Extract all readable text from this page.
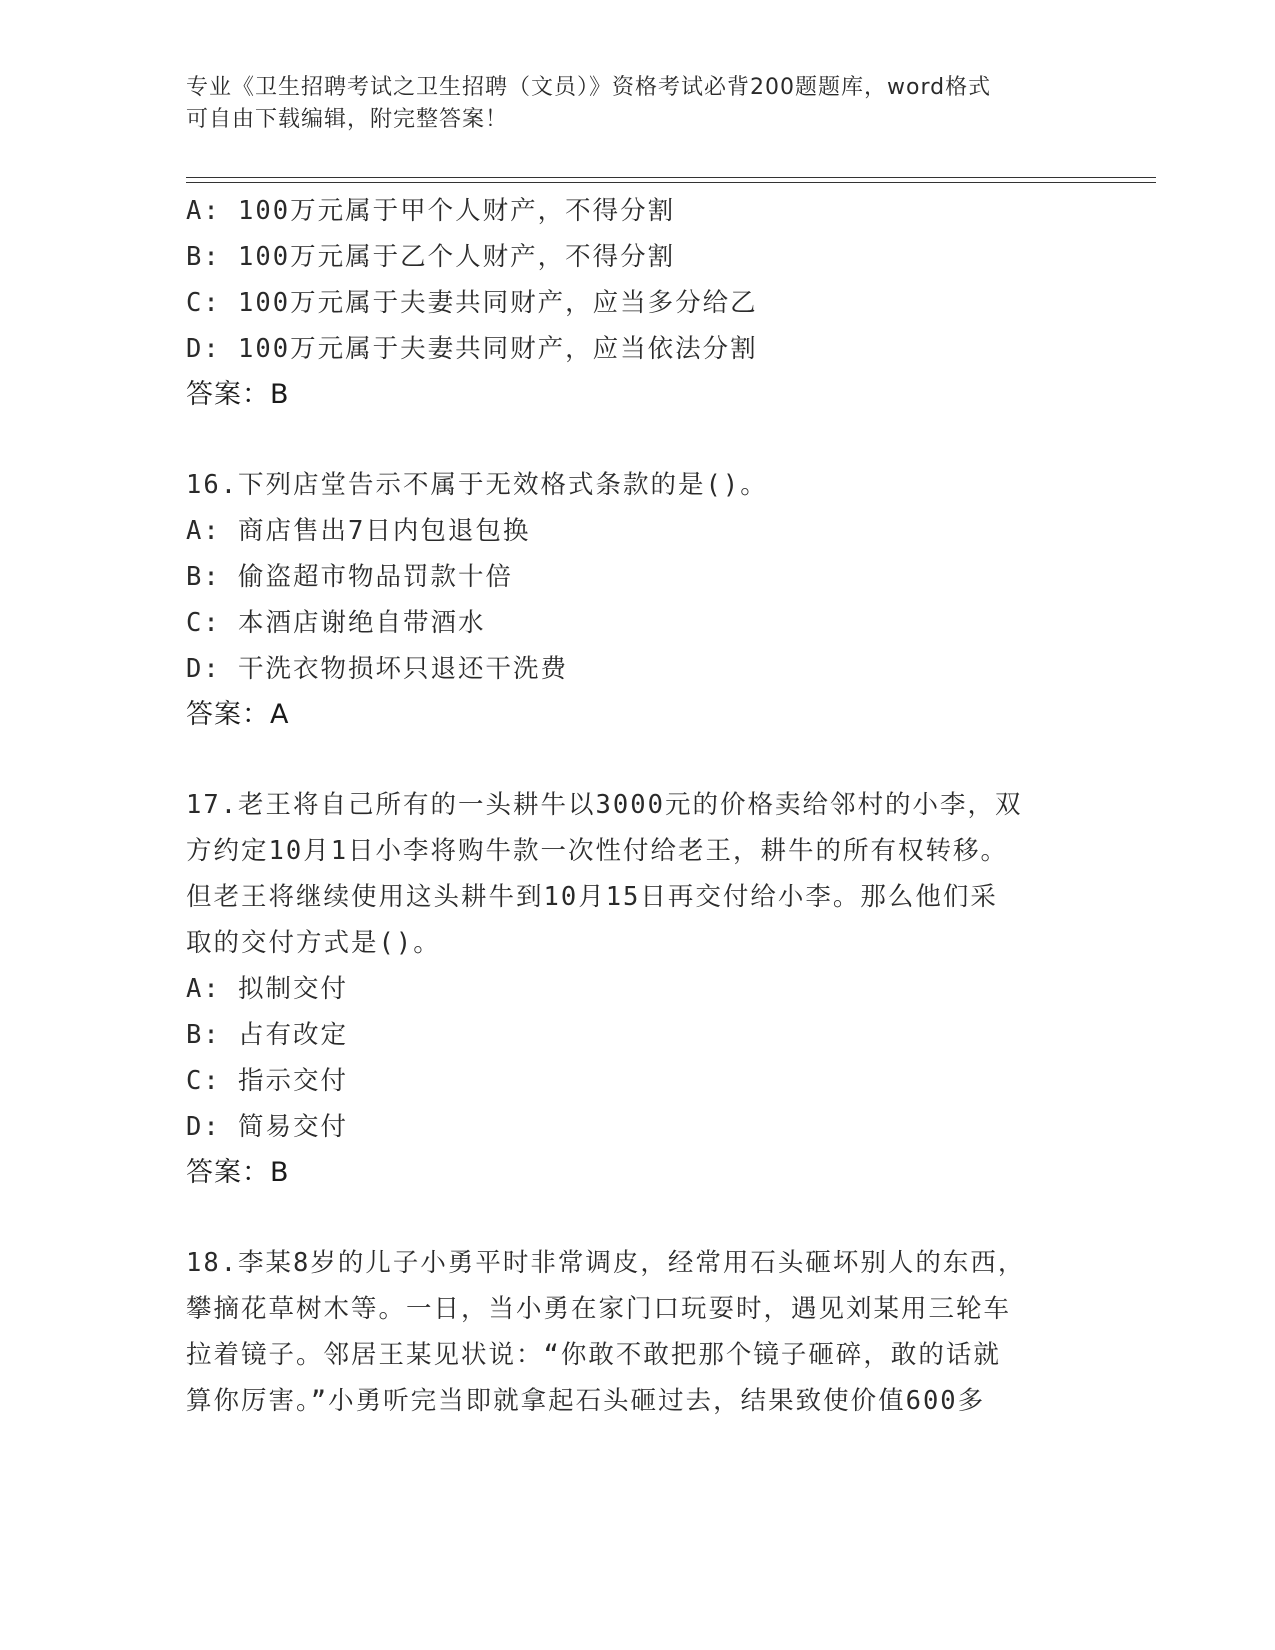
专业《卫生招聘考试之卫生招聘（文员）》资格考试必背200题题库，word格式
可自由下载编辑，附完整答案！
A: 100万元属于甲个人财产，不得分割
B: 100万元属于乙个人财产，不得分割
C: 100万元属于夫妻共同财产，应当多分给乙
D: 100万元属于夫妻共同财产，应当依法分割
答案：B
16.下列店堂告示不属于无效格式条款的是()。
A: 商店售出7日内包退包换
B: 偷盗超市物品罚款十倍
C: 本酒店谢绝自带酒水
D: 干洗衣物损坏只退还干洗费
答案：A
17.老王将自己所有的一头耕牛以3000元的价格卖给邻村的小李，双
方约定10月1日小李将购牛款一次性付给老王，耕牛的所有权转移。
但老王将继续使用这头耕牛到10月15日再交付给小李。那么他们采
取的交付方式是()。
A: 拟制交付
B: 占有改定
C: 指示交付
D: 简易交付
答案：B
18.李某8岁的儿子小勇平时非常调皮，经常用石头砸坏别人的东西，
攀摘花草树木等。一日，当小勇在家门口玩耍时，遇见刘某用三轮车
拉着镜子。邻居王某见状说：“你敢不敢把那个镜子砸碎，敢的话就
算你厉害。”小勇听完当即就拿起石头砸过去，结果致使价值600多
